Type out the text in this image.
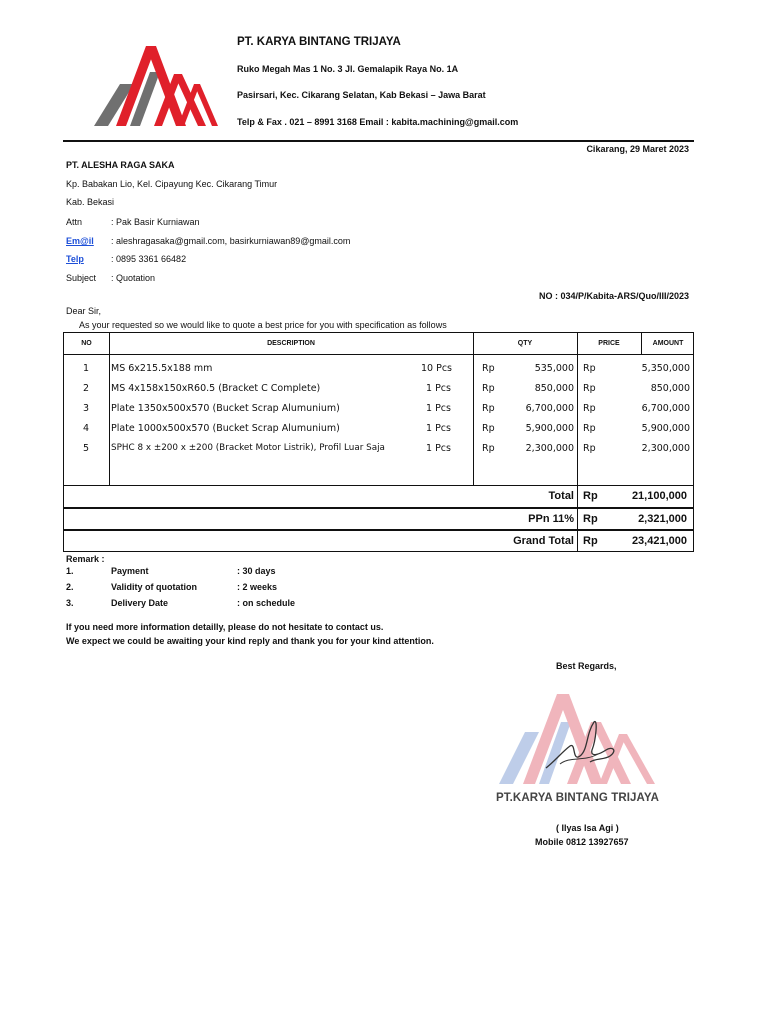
PT. KARYA BINTANG TRIJAYA
Ruko Megah Mas 1 No. 3 Jl. Gemalapik Raya No. 1A
Pasirsari, Kec. Cikarang Selatan, Kab Bekasi – Jawa Barat
Telp & Fax . 021 – 8991 3168 Email : kabita.machining@gmail.com
Cikarang, 29 Maret 2023
PT. ALESHA RAGA SAKA
Kp. Babakan Lio, Kel. Cipayung Kec. Cikarang Timur
Kab. Bekasi
Attn	: Pak Basir Kurniawan
Em@il : aleshragasaka@gmail.com, basirkurniawan89@gmail.com
Telp	: 0895 3361 66482
Subject : Quotation
NO : 034/P/Kabita-ARS/Quo/III/2023
Dear Sir,
As your requested so we would like to quote a best price for you with specification as follows
NO	DESCRIPTION	QTY	PRICE	AMOUNT
1 MS 6x215.5x188 mm	10 Pcs	Rp	535,000 Rp	5,350,000
2 MS 4x158x150xR60.5 (Bracket C Complete)	1 Pcs	Rp	850,000 Rp	850,000
3 Plate 1350x500x570 (Bucket Scrap Alumunium)	1 Pcs	Rp	6,700,000 Rp	6,700,000
4 Plate 1000x500x570 (Bucket Scrap Alumunium)	1 Pcs	Rp	5,900,000 Rp	5,900,000
5 SPHC 8 x ±200 x ±200 (Bracket Motor Listrik), Profil Luar Saja	1 Pcs	Rp	2,300,000 Rp	2,300,000
Total Rp	21,100,000
PPn 11% Rp	2,321,000
Grand Total Rp	23,421,000
Remark :
1.	Payment	: 30 days
2.	Validity of quotation	: 2 weeks
3.	Delivery Date	: on schedule
If you need more information detailly, please do not hesitate to contact us.
We expect we could be awaiting your kind reply and thank you for your kind attention.
Best Regards,
PT.KARYA BINTANG TRIJAYA
( Ilyas Isa Agi )
Mobile 0812 13927657
